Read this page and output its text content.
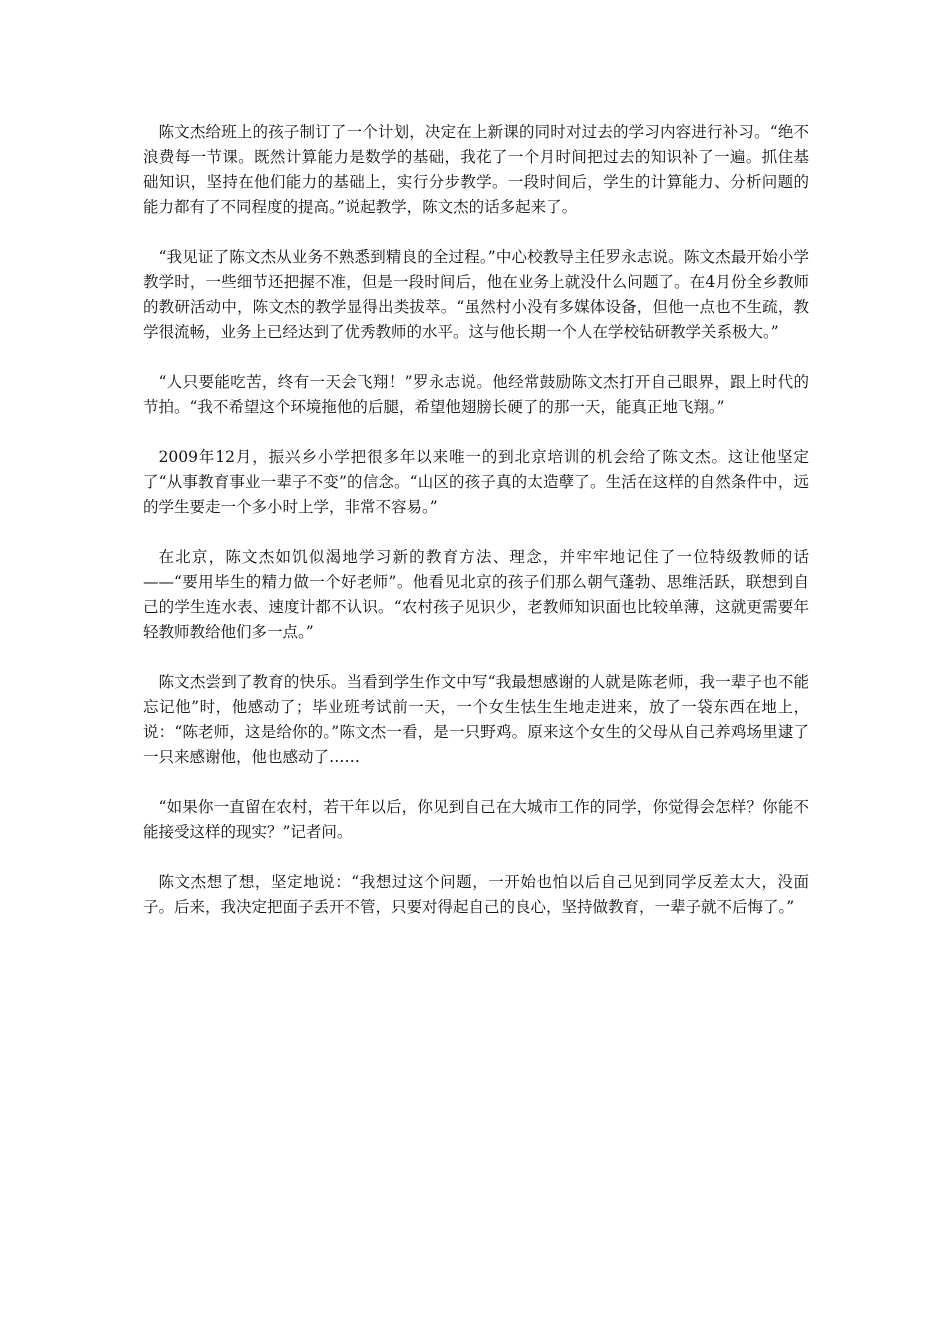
陈文杰给班上的孩子制订了一个计划，决定在上新课的同时对过去的学习内容进行补习。“绝不浪费每一节课。既然计算能力是数学的基础，我花了一个月时间把过去的知识补了一遍。抓住基础知识，坚持在他们能力的基础上，实行分步教学。一段时间后，学生的计算能力、分析问题的能力都有了不同程度的提高。”说起教学，陈文杰的话多起来了。

“我见证了陈文杰从业务不熟悉到精良的全过程。”中心校教导主任罗永志说。陈文杰最开始小学教学时，一些细节还把握不准，但是一段时间后，他在业务上就没什么问题了。在4月份全乡教师的教研活动中，陈文杰的教学显得出类拔萃。“虽然村小没有多媒体设备，但他一点也不生疏，教学很流畅，业务上已经达到了优秀教师的水平。这与他长期一个人在学校钻研教学关系极大。”

“人只要能吃苦，终有一天会飞翔！”罗永志说。他经常鼓励陈文杰打开自己眼界，跟上时代的节拍。“我不希望这个环境拖他的后腿，希望他翅膀长硬了的那一天，能真正地飞翔。”

2009年12月，振兴乡小学把很多年以来唯一的到北京培训的机会给了陈文杰。这让他坚定了“从事教育事业一辈子不变”的信念。“山区的孩子真的太造孽了。生活在这样的自然条件中，远的学生要走一个多小时上学，非常不容易。”

在北京，陈文杰如饥似渴地学习新的教育方法、理念，并牢牢地记住了一位特级教师的话——“要用毕生的精力做一个好老师”。他看见北京的孩子们那么朝气蓬勃、思维活跃，联想到自己的学生连水表、速度计都不认识。“农村孩子见识少，老教师知识面也比较单薄，这就更需要年轻教师教给他们多一点。”

陈文杰尝到了教育的快乐。当看到学生作文中写“我最想感谢的人就是陈老师，我一辈子也不能忘记他”时，他感动了；毕业班考试前一天，一个女生怯生生地走进来，放了一袋东西在地上，说：“陈老师，这是给你的。”陈文杰一看，是一只野鸡。原来这个女生的父母从自己养鸡场里逮了一只来感谢他，他也感动了……

“如果你一直留在农村，若干年以后，你见到自己在大城市工作的同学，你觉得会怎样？你能不能接受这样的现实？”记者问。

陈文杰想了想，坚定地说：“我想过这个问题，一开始也怕以后自己见到同学反差太大，没面子。后来，我决定把面子丢开不管，只要对得起自己的良心，坚持做教育，一辈子就不后悔了。”
